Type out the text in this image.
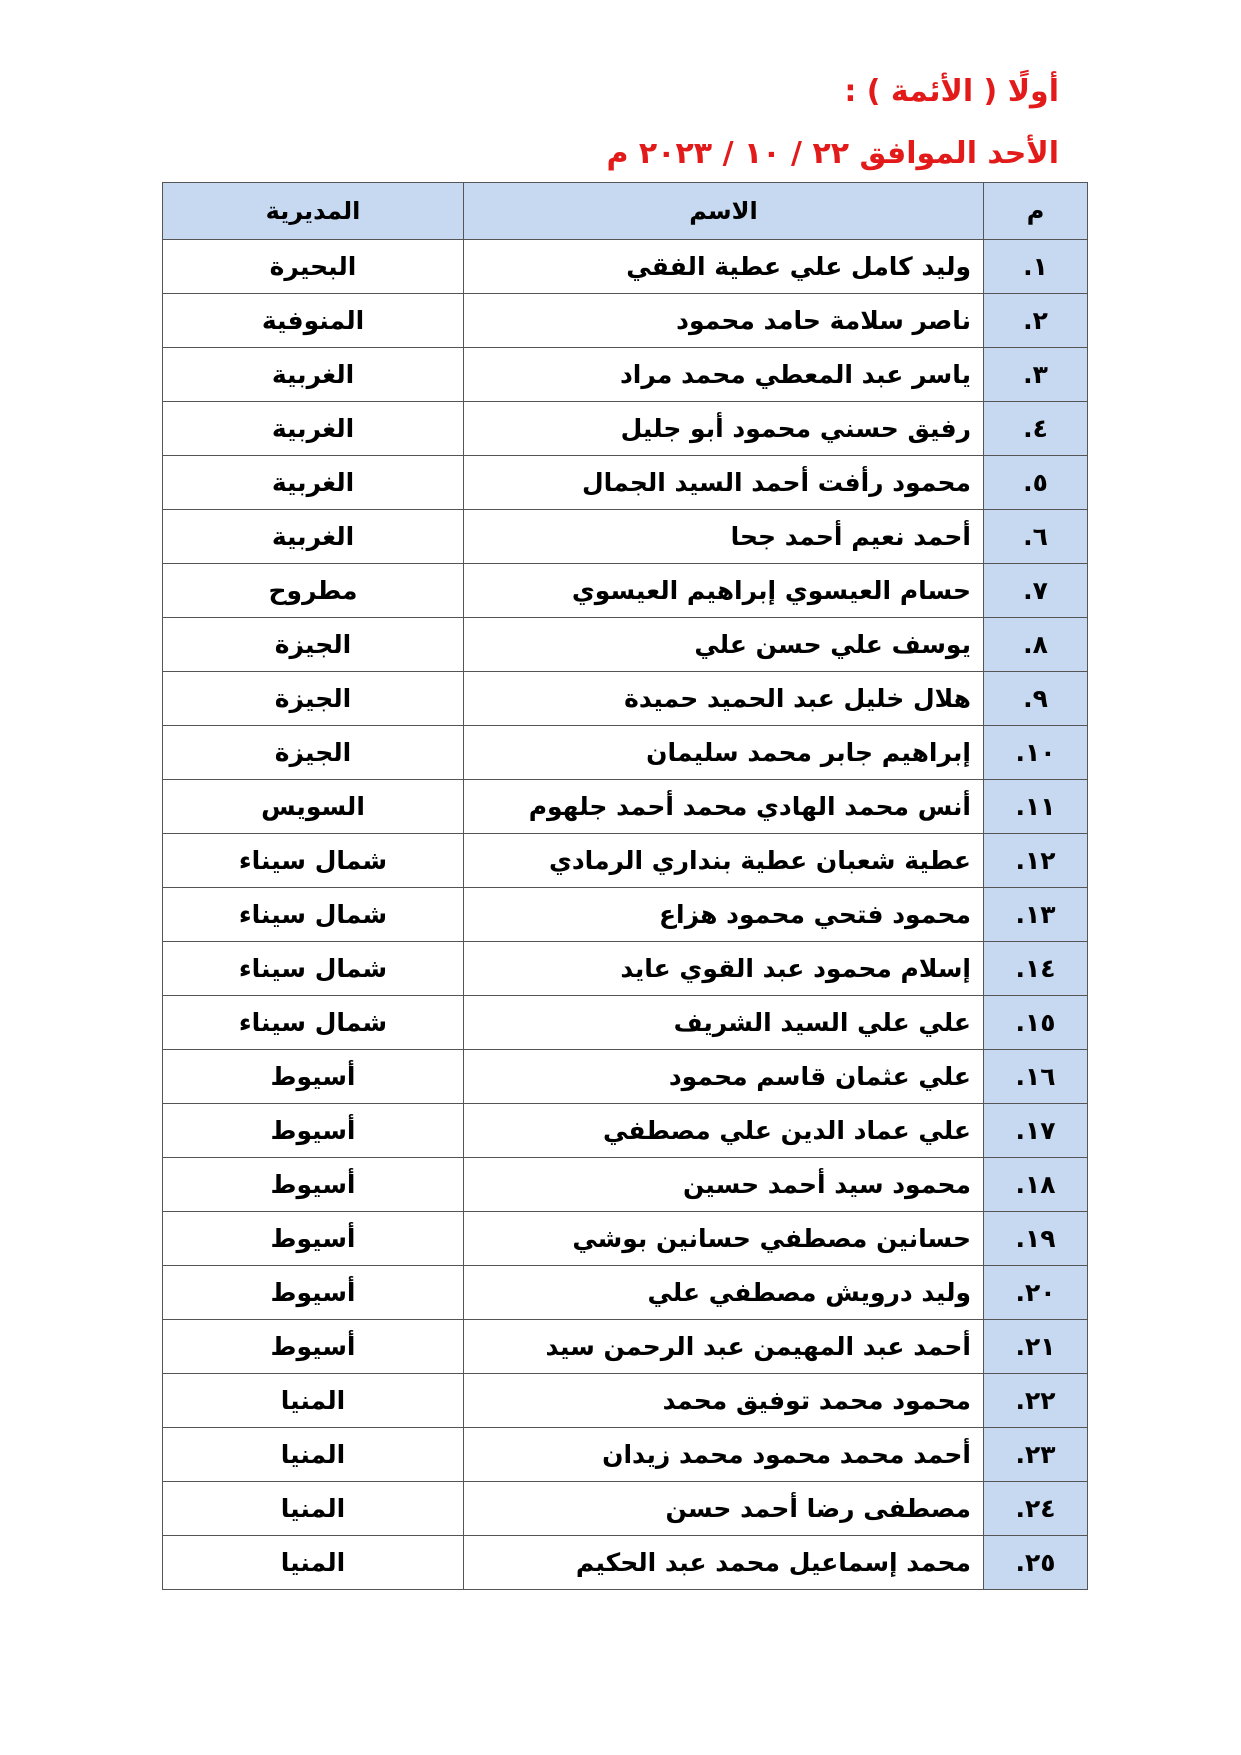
أولًا ( الأئمة ) :
الأحد الموافق ٢٢ / ١٠ / ٢٠٢٣ م
م	الاسم	المديرية
.١	وليد كامل علي عطية الفقي	البحيرة
.٢	ناصر سلامة حامد محمود	المنوفية
.٣	ياسر عبد المعطي محمد مراد	الغربية
.٤	رفيق حسني محمود أبو جليل	الغربية
.٥	محمود رأفت أحمد السيد الجمال	الغربية
.٦	أحمد نعيم أحمد جحا	الغربية
.٧	حسام العيسوي إبراهيم العيسوي	مطروح
.٨	يوسف علي حسن علي	الجيزة
.٩	هلال خليل عبد الحميد حميدة	الجيزة
.١٠	إبراهيم جابر محمد سليمان	الجيزة
.١١	أنس محمد الهادي محمد أحمد جلهوم	السويس
.١٢	عطية شعبان عطية بنداري الرمادي	شمال سيناء
.١٣	محمود فتحي محمود هزاع	شمال سيناء
.١٤	إسلام محمود عبد القوي عايد	شمال سيناء
.١٥	علي علي السيد الشريف	شمال سيناء
.١٦	علي عثمان قاسم محمود	أسيوط
.١٧	علي عماد الدين علي مصطفي	أسيوط
.١٨	محمود سيد أحمد حسين	أسيوط
.١٩	حسانين مصطفي حسانين بوشي	أسيوط
.٢٠	وليد درويش مصطفي علي	أسيوط
.٢١	أحمد عبد المهيمن عبد الرحمن سيد	أسيوط
.٢٢	محمود محمد توفيق محمد	المنيا
.٢٣	أحمد محمد محمود محمد زيدان	المنيا
.٢٤	مصطفى رضا أحمد حسن	المنيا
.٢٥	محمد إسماعيل محمد عبد الحكيم	المنيا
